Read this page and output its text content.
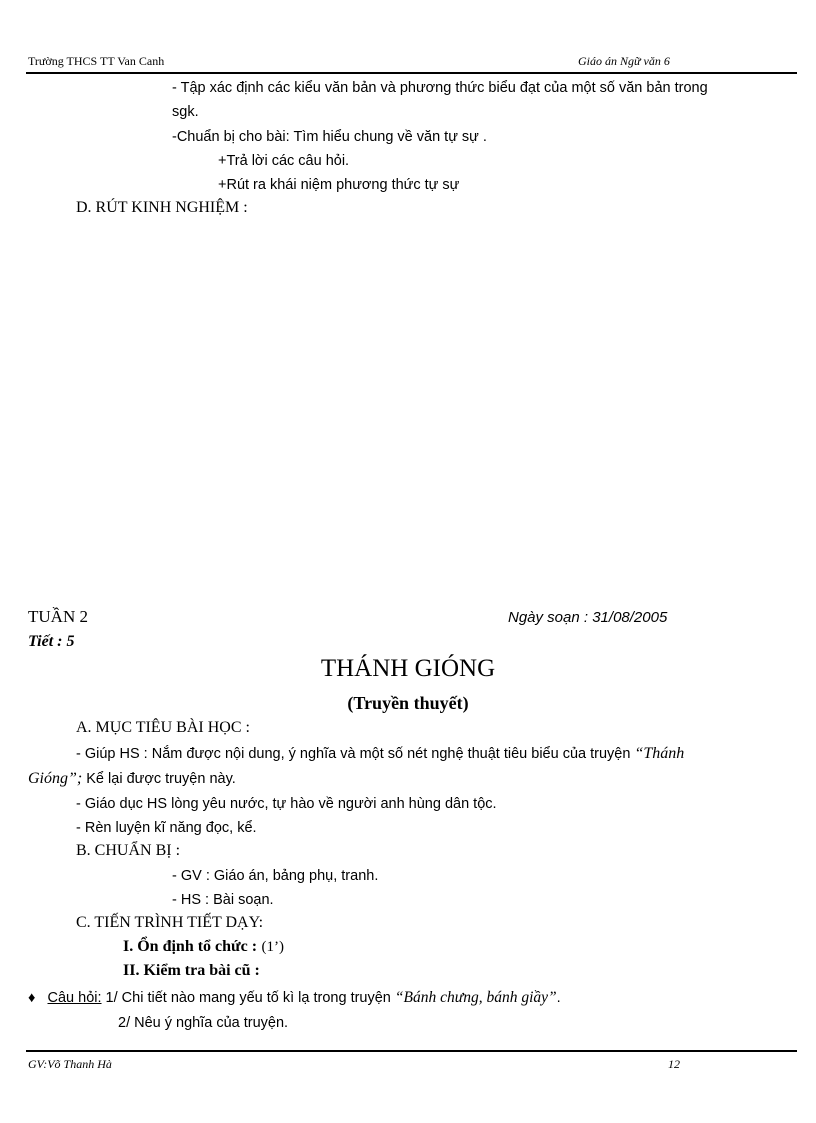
Trường THCS TT Van Canh	Giáo án Ngữ văn 6
- Tập xác định các kiểu văn bản và phương thức biểu đạt của một số văn bản trong
sgk.
-Chuẩn bị cho bài: Tìm hiểu chung về văn tự sự .
+Trả lời các câu hỏi.
+Rút ra khái niệm phương thức tự sự
D. RÚT KINH NGHIỆM :
TUẦN 2	Ngày soạn : 31/08/2005
Tiết : 5
THÁNH GIÓNG
(Truyền thuyết)
A. MỤC TIÊU BÀI HỌC :
- Giúp HS : Nắm được nội dung, ý nghĩa và một số nét nghệ thuật tiêu biểu của truyện “Thánh
Gióng”; Kể lại được truyện này.
- Giáo dục HS lòng yêu nước, tự hào về người anh hùng dân tộc.
- Rèn luyện kĩ năng đọc, kể.
B. CHUẨN BỊ :
- GV : Giáo án, bảng phụ, tranh.
- HS : Bài soạn.
C. TIẾN TRÌNH TIẾT DẠY:
I. Ổn định tổ chức : (1’)
II. Kiểm tra bài cũ :
♦ Câu hỏi: 1/ Chi tiết nào mang yếu tố kì lạ trong truyện “Bánh chưng, bánh giầy”.
2/ Nêu ý nghĩa của truyện.
GV:Võ Thanh Hà	12
